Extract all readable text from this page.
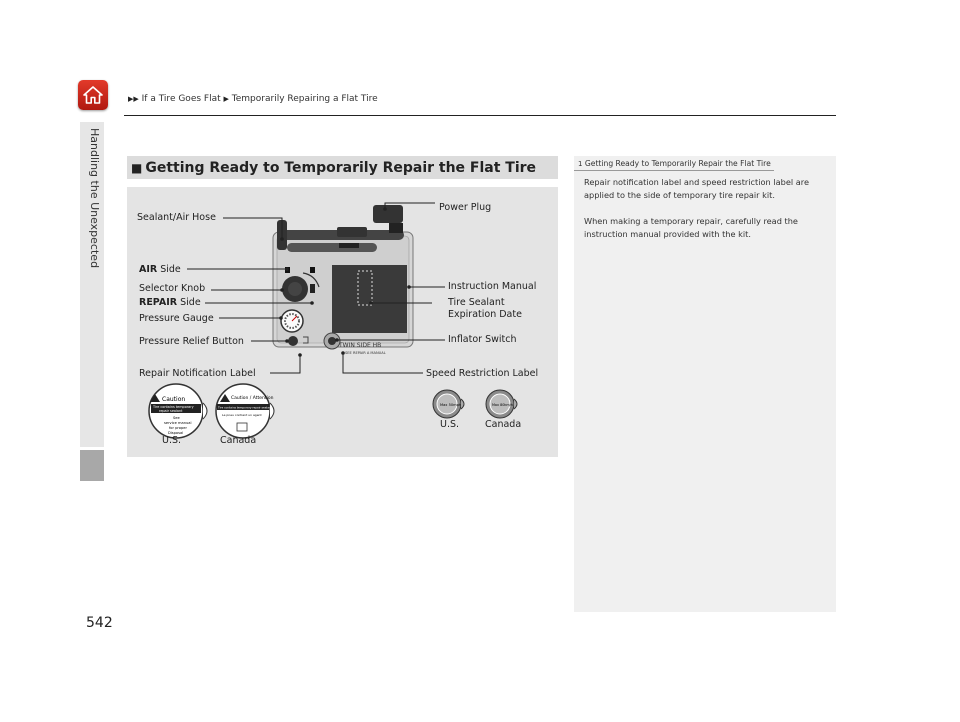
▶▶ If a Tire Goes Flat ▶ Temporarily Repairing a Flat Tire
Handling the Unexpected
542
■ Getting Ready to Temporarily Repair the Flat Tire
TWIN SIDE HB
SEE REPAIR A MANUAL
Caution
Tire contains temporary
repair sealant
See
service manual
for proper
Disposal
Caution / Attention
Tire contains temporary repair sealant
Le pneu contient un agent
Max 50mph	Max 80km/h
Sealant/Air Hose
Power Plug
AIR Side
Selector Knob
REPAIR Side
Pressure Gauge
Pressure Relief Button
Instruction Manual
Tire Sealant
Expiration Date
Inflator Switch
Repair Notification Label	Speed Restriction Label
U.S.	Canada
U.S.	Canada
1 Getting Ready to Temporarily Repair the Flat Tire

Repair notification label and speed restriction label are applied to the side of temporary tire repair kit.

When making a temporary repair, carefully read the instruction manual provided with the kit.
